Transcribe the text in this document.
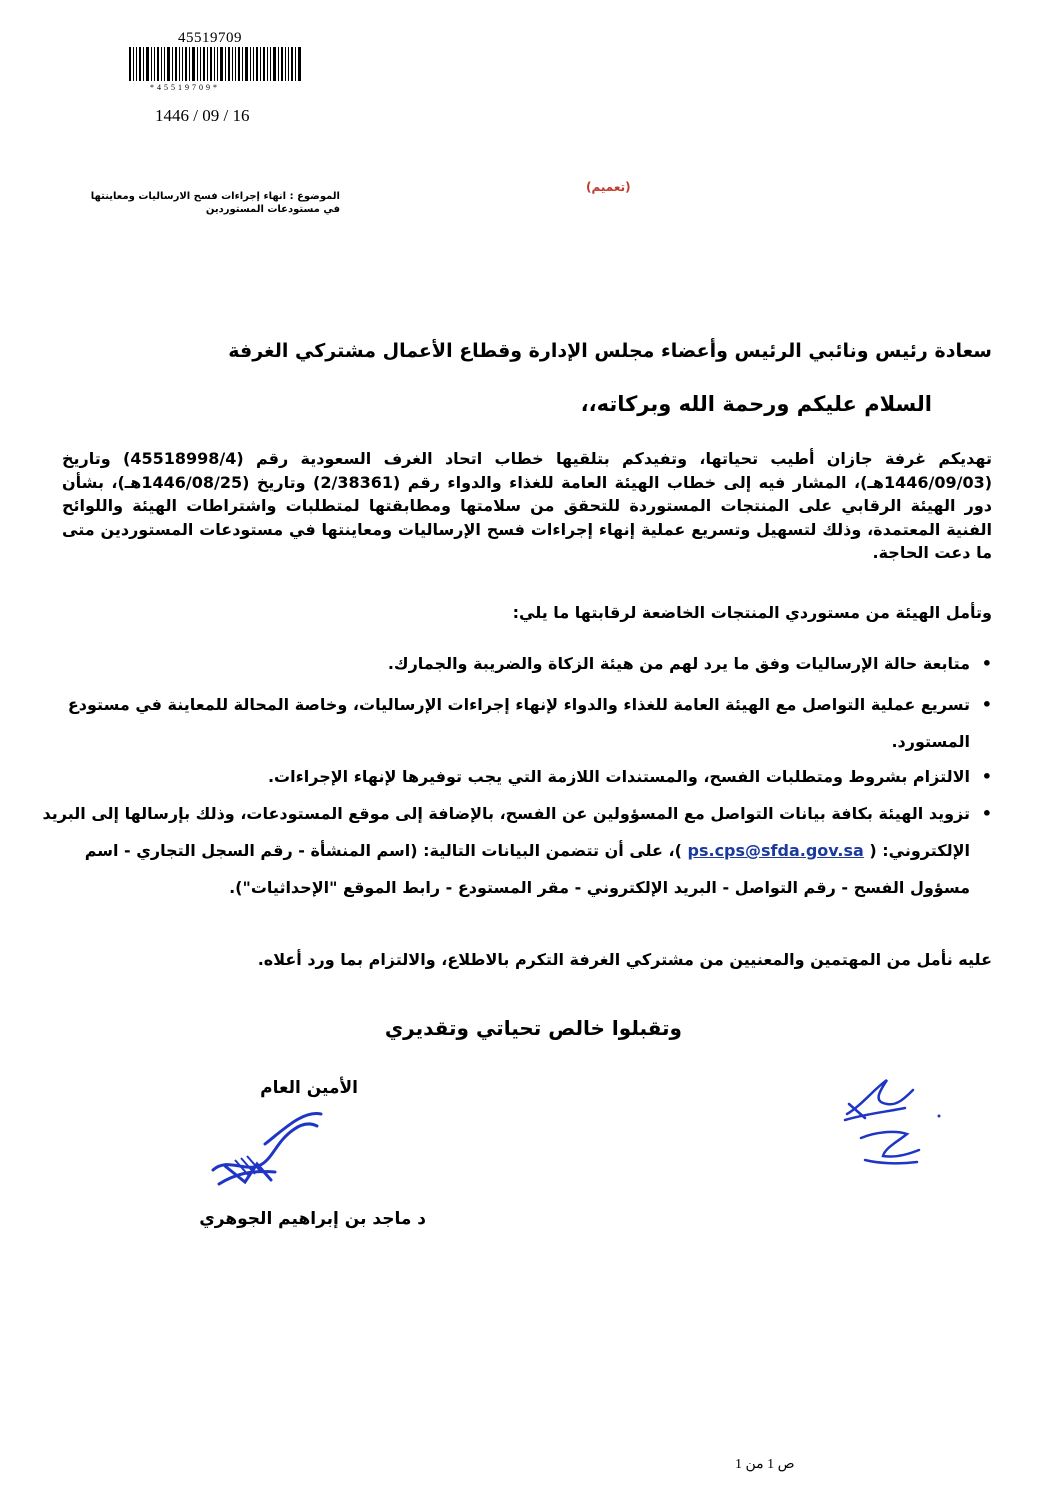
45519709
*45519709*
1446 / 09 / 16
(تعميم)
الموضوع : انهاء إجراءات فسح الارساليات ومعاينتها في مستودعات المستوردين
سعادة رئيس ونائبي الرئيس وأعضاء مجلس الإدارة وقطاع الأعمال مشتركي الغرفة
السلام عليكم ورحمة الله وبركاته،،
تهديكم غرفة جازان أطيب تحياتها، وتفيدكم بتلقيها خطاب اتحاد الغرف السعودية رقم (45518998/4) وتاريخ (1446/09/03هـ)، المشار فيه إلى خطاب الهيئة العامة للغذاء والدواء رقم (2/38361) وتاريخ (1446/08/25هـ)، بشأن دور الهيئة الرقابي على المنتجات المستوردة للتحقق من سلامتها ومطابقتها لمتطلبات واشتراطات الهيئة واللوائح الفنية المعتمدة، وذلك لتسهيل وتسريع عملية إنهاء إجراءات فسح الإرساليات ومعاينتها في مستودعات المستوردين متى ما دعت الحاجة.
وتأمل الهيئة من مستوردي المنتجات الخاضعة لرقابتها ما يلي:
• متابعة حالة الإرساليات وفق ما يرد لهم من هيئة الزكاة والضريبة والجمارك.
• تسريع عملية التواصل مع الهيئة العامة للغذاء والدواء لإنهاء إجراءات الإرساليات، وخاصة المحالة للمعاينة في مستودع المستورد.
• الالتزام بشروط ومتطلبات الفسح، والمستندات اللازمة التي يجب توفيرها لإنهاء الإجراءات.
• تزويد الهيئة بكافة بيانات التواصل مع المسؤولين عن الفسح، بالإضافة إلى موقع المستودعات، وذلك بإرسالها إلى البريد الإلكتروني: ( ps.cps@sfda.gov.sa )، على أن تتضمن البيانات التالية: (اسم المنشأة - رقم السجل التجاري - اسم مسؤول الفسح - رقم التواصل - البريد الإلكتروني - مقر المستودع - رابط الموقع "الإحداثيات").
عليه نأمل من المهتمين والمعنيين من مشتركي الغرفة التكرم بالاطلاع، والالتزام بما ورد أعلاه.
وتقبلوا خالص تحياتي وتقديري
الأمين العام
د ماجد بن إبراهيم الجوهري
ص 1 من 1
